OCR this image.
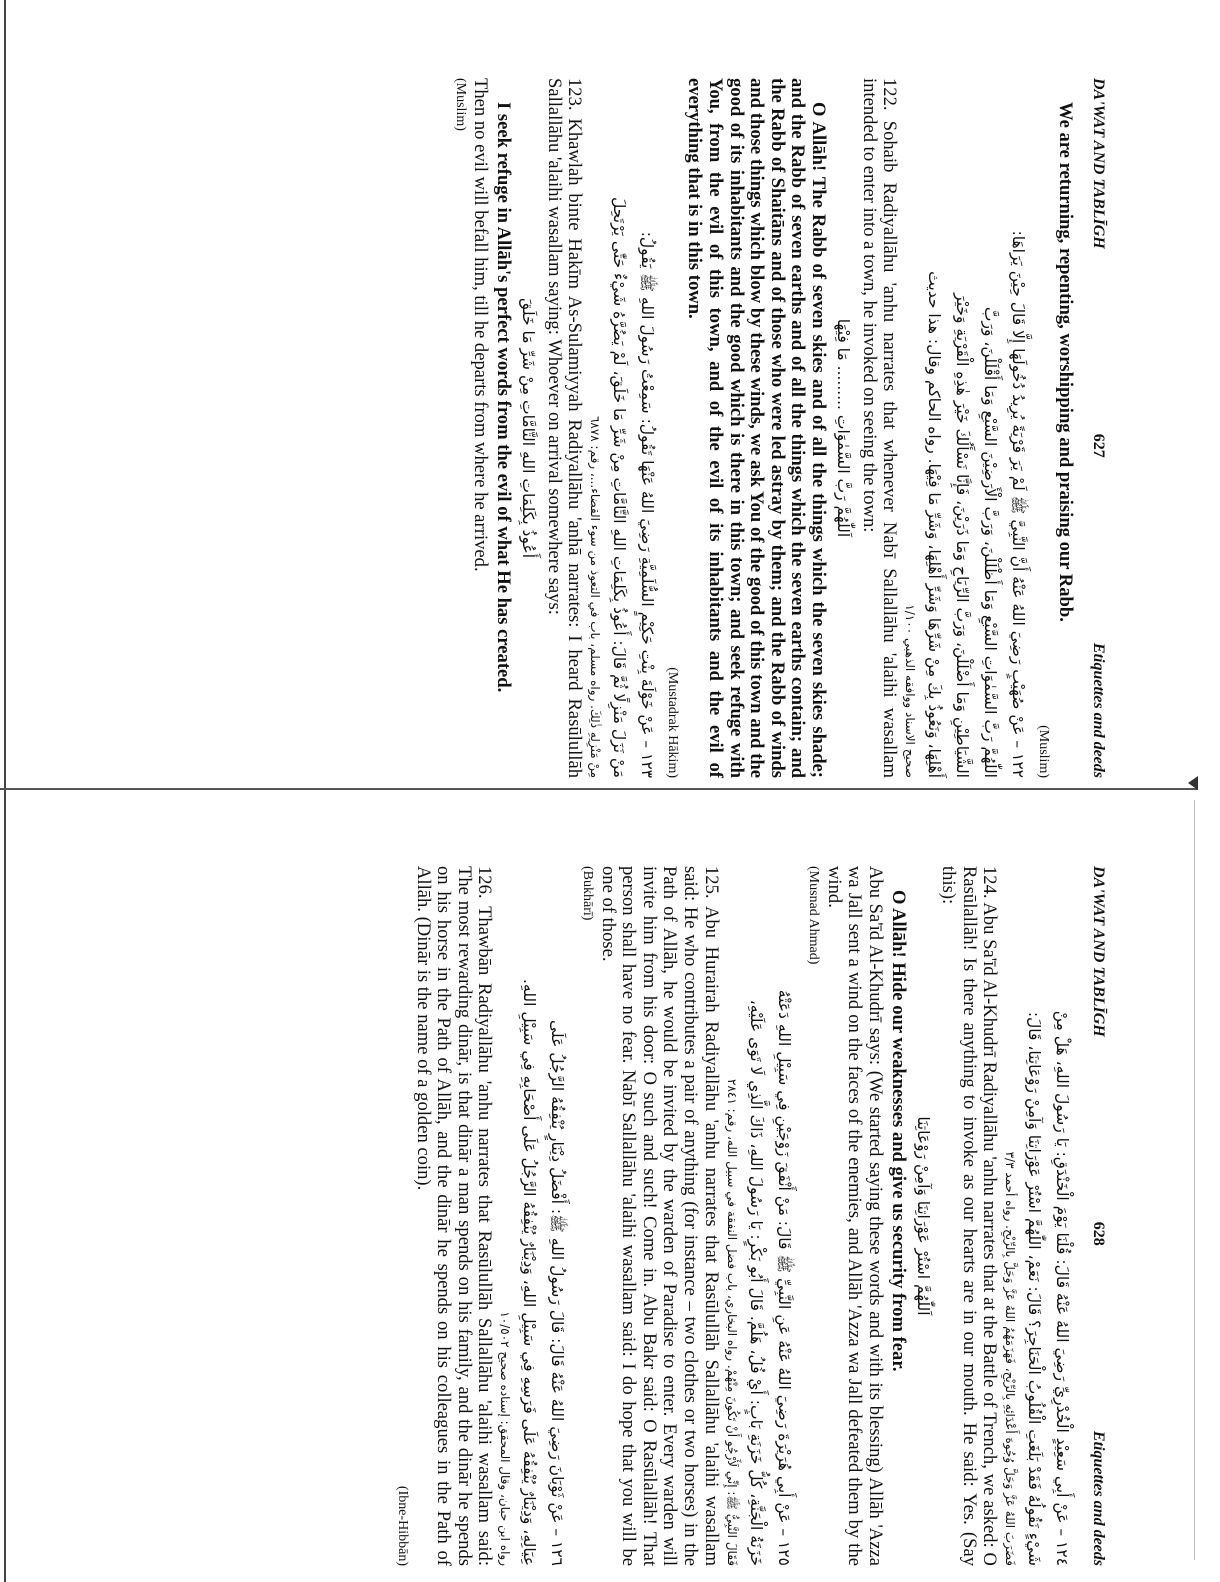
DA'WAT AND TABLĪGH
627
Etiquettes and deeds

We are returning, repenting, worshipping and praising our Rabb.

(Muslim)

١٢٢ – عَنْ صُهَيْبٍ رَضِيَ اللهُ عَنْهُ أَنَّ النَّبِيَّ ﷺ لَمْ يَرَ قَرْيَةً يُرِيدُ دُخُولَهَا إِلَّا قَالَ حِيْنَ يَرَاهَا:

اللّٰهُمَّ رَبَّ السَّمٰوَاتِ السَّبْعِ وَمَا أَظْلَلْنَ، وَرَبَّ الْأَرَضِيْنَ السَّبْعِ وَمَا أَقْلَلْنَ، وَرَبَّ

الشَّيَاطِيْنِ وَمَا أَضْلَلْنَ، وَرَبَّ الرِّيَاحِ وَمَا ذَرَيْنَ، فَإِنَّا نَسْأَلُكَ خَيْرَ هٰذِهِ الْقَرْيَةِ وَخَيْرَ

أَهْلِهَا، وَنَعُوذُ بِكَ مِنْ شَرِّهَا وَشَرِّ أَهْلِهَا، وَشَرِّ مَا فِيْهَا. رواه الحاكم وقال: هذا حديث

صحيح الاسناد ووافقه الذهبي ١/١٠٠

122. Sohaib Radiyallāhu 'anhu narrates that whenever Nabī Sallallāhu 'alaihi wasallam intended to enter into a town, he invoked on seeing the town:

اَللّٰهُمَّ رَبَّ السَّمٰوَاتِ ......... مَا فِيْهَا

O Allāh! The Rabb of seven skies and of all the things which the seven skies shade; and the Rabb of seven earths and of all the things which the seven earths contain; and the Rabb of Shaitāns and of those who were led astray by them; and the Rabb of winds and those things which blow by these winds, we ask You of the good of this town and the good of its inhabitants and the good which is there in this town; and seek refuge with You, from the evil of this town, and of the evil of its inhabitants and the evil of everything that is in this town.

(Mustadrak Hākim)

١٢٣ – عَنْ خَوْلَةَ بِنْتِ حَكِيْمٍ السُّلَمِيَّةِ رَضِيَ اللهُ عَنْهَا تَقُولُ: سَمِعْتُ رَسُولَ اللهِ ﷺ يَقُولُ:

مَنْ نَزَلَ مَنْزِلًا ثُمَّ قَالَ: أَعُوذُ بِكَلِمَاتِ اللهِ التَّامَّاتِ مِنْ شَرِّ مَا خَلَقَ، لَمْ يَضُرَّهُ شَيْءٌ حَتّٰى يَرْتَحِلَ

مِنْ مَنْزِلِهِ ذٰلِكَ. رواه مسلم، باب في التعوذ من سوء القضاء...، رقم: ٦٨٧٨

123. Khawlah binte Hakīm As-Sulamiyyah Radiyallāhu 'anhā narrates: I heard Rasūlullāh Sallallāhu 'alaihi wasallam saying: Whoever on arrival somewhere says:

أَعُوذُ بِكَلِمَاتِ اللهِ التَّامَّاتِ مِنْ شَرِّ مَا خَلَقَ

I seek refuge in Allāh's perfect words from the evil of what He has created.

Then no evil will befall him, till he departs from where he arrived.

(Muslim)

DA'WAT AND TABLĪGH
628
Etiquettes and deeds

١٢٤ – عَنْ أَبِي سَعِيْدٍ الْخُدْرِيِّ رَضِيَ اللهُ عَنْهُ قَالَ: قُلْنَا يَوْمَ الْخَنْدَقِ: يَا رَسُولَ اللهِ، هَلْ مِنْ

شَيْءٍ نَقُولُهُ فَقَدْ بَلَغَتِ الْقُلُوبُ الْحَنَاجِرَ؟ قَالَ: نَعَمْ، اللّٰهُمَّ اسْتُرْ عَوْرَاتِنَا وَآمِنْ رَوْعَاتِنَا، قَالَ:

فَضَرَبَ اللهُ عَزَّ وَجَلَّ وُجُوهَ أَعْدَائِهِ بِالرِّيْحِ، فَهَزَمَهُمُ اللهُ عَزَّ وَجَلَّ بِالرِّيْحِ. رواه أحمد ٣/٣

124. Abu Sa'īd Al-Khudrī Radiyallāhu 'anhu narrates that at the Battle of Trench, we asked: O Rasūlallāh! Is there anything to invoke as our hearts are in our mouth. He said: Yes. (Say this):

اَللّٰهُمَّ اسْتُرْ عَوْرَاتِنَا وَآمِنْ رَوْعَاتِنَا

O Allāh! Hide our weaknesses and give us security from fear.

Abu Sa'īd Al-Khudrī says: (We started saying these words and with its blessing) Allāh 'Azza wa Jall sent a wind on the faces of the enemies, and Allāh 'Azza wa Jall defeated them by the wind.

(Musnad Ahmad)

١٢٥ – عَنْ أَبِي هُرَيْرَةَ رَضِيَ اللهُ عَنْهُ عَنِ النَّبِيِّ ﷺ قَالَ: مَنْ أَنْفَقَ زَوْجَيْنِ فِي سَبِيْلِ اللهِ دَعَتْهُ

خَزَنَةُ الْجَنَّةِ، كُلُّ خَزَنَةِ بَابٍ: أَيْ فُلُ، هَلُمَّ. قَالَ أَبُو بَكْرٍ: يَا رَسُولَ اللهِ، ذَاكَ الَّذِي لَا تَوَى عَلَيْهِ،

فَقَالَ النَّبِيُّ ﷺ: إِنِّي لَأَرْجُو أَنْ تَكُونَ مِنْهُمْ. رواه البخاري، باب فضل النفقة في سبيل الله، رقم: ٢٨٤١

125. Abu Hurairah Radiyallāhu 'anhu narrates that Rasūlullāh Sallallāhu 'alaihi wasallam said: He who contributes a pair of anything (for instance – two clothes or two horses) in the Path of Allāh, he would be invited by the warden of Paradise to enter. Every warden will invite him from his door: O such and such! Come in. Abu Bakr said: O Rasūlallāh! That person shall have no fear. Nabī Sallallāhu 'alaihi wasallam said: I do hope that you will be one of those.

(Bukhārī)

١٢٦ – عَنْ ثَوْبَانَ رَضِيَ اللهُ عَنْهُ قَالَ: قَالَ رَسُولُ اللهِ ﷺ: أَفْضَلُ دِيْنَارٍ يُنْفِقُهُ الرَّجُلُ عَلَى

عِيَالِهِ، وَدِيْنَارٌ يُنْفِقُهُ عَلَى فَرَسِهِ فِي سَبِيْلِ اللهِ، وَدِيْنَارٌ يُنْفِقُهُ الرَّجُلُ عَلَى أَصْحَابِهِ فِي سَبِيْلِ اللهِ.

رواه ابن حبان، وقال المحقق: إسناده صحيح ١٠/٥٠٢

126. Thawbān Radiyallāhu 'anhu narrates that Rasūlullāh Sallallāhu 'alaihi wasallam said: The most rewarding dinār, is that dinār a man spends on his family, and the dinār he spends on his horse in the Path of Allāh, and the dinār he spends on his colleagues in the Path of Allāh. (Dinār is the name of a golden coin).

(Ibne-Hibbān)
